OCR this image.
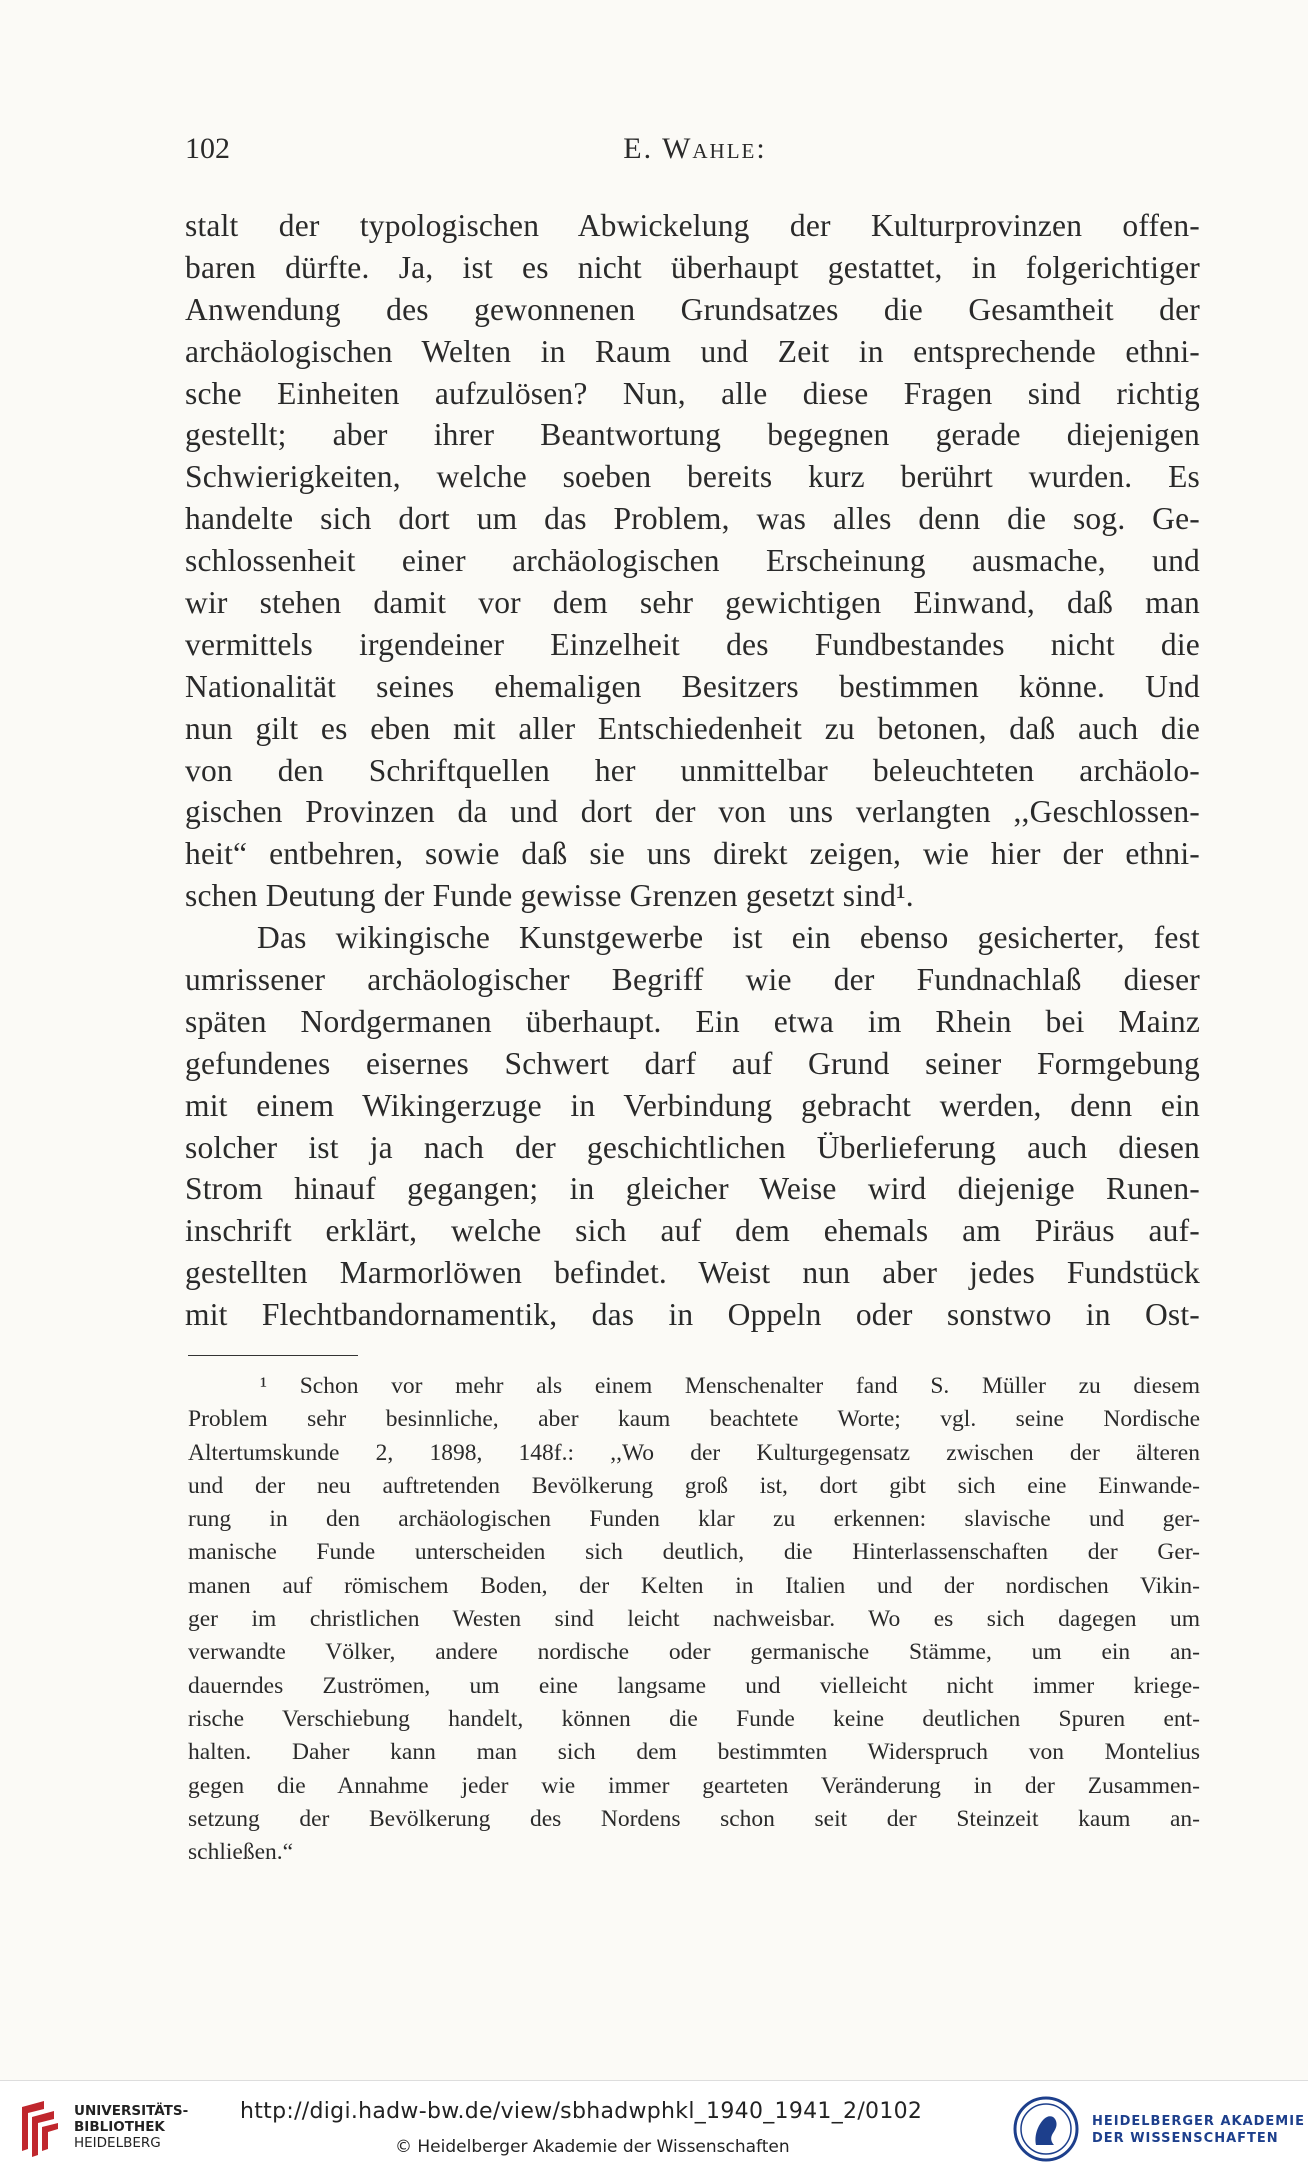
102	E. Wahle:
stalt der typologischen Abwickelung der Kulturprovinzen offen-
baren dürfte. Ja, ist es nicht überhaupt gestattet, in folgerichtiger
Anwendung des gewonnenen Grundsatzes die Gesamtheit der
archäologischen Welten in Raum und Zeit in entsprechende ethni-
sche Einheiten aufzulösen? Nun, alle diese Fragen sind richtig
gestellt; aber ihrer Beantwortung begegnen gerade diejenigen
Schwierigkeiten, welche soeben bereits kurz berührt wurden. Es
handelte sich dort um das Problem, was alles denn die sog. Ge-
schlossenheit einer archäologischen Erscheinung ausmache, und
wir stehen damit vor dem sehr gewichtigen Einwand, daß man
vermittels irgendeiner Einzelheit des Fundbestandes nicht die
Nationalität seines ehemaligen Besitzers bestimmen könne. Und
nun gilt es eben mit aller Entschiedenheit zu betonen, daß auch die
von den Schriftquellen her unmittelbar beleuchteten archäolo-
gischen Provinzen da und dort der von uns verlangten ,,Geschlossen-
heit“ entbehren, sowie daß sie uns direkt zeigen, wie hier der ethni-
schen Deutung der Funde gewisse Grenzen gesetzt sind¹.
Das wikingische Kunstgewerbe ist ein ebenso gesicherter, fest
umrissener archäologischer Begriff wie der Fundnachlaß dieser
späten Nordgermanen überhaupt. Ein etwa im Rhein bei Mainz
gefundenes eisernes Schwert darf auf Grund seiner Formgebung
mit einem Wikingerzuge in Verbindung gebracht werden, denn ein
solcher ist ja nach der geschichtlichen Überlieferung auch diesen
Strom hinauf gegangen; in gleicher Weise wird diejenige Runen-
inschrift erklärt, welche sich auf dem ehemals am Piräus auf-
gestellten Marmorlöwen befindet. Weist nun aber jedes Fundstück
mit Flechtbandornamentik, das in Oppeln oder sonstwo in Ost-
¹ Schon vor mehr als einem Menschenalter fand S. Müller zu diesem
Problem sehr besinnliche, aber kaum beachtete Worte; vgl. seine Nordische
Altertumskunde 2, 1898, 148f.: ,,Wo der Kulturgegensatz zwischen der älteren
und der neu auftretenden Bevölkerung groß ist, dort gibt sich eine Einwande-
rung in den archäologischen Funden klar zu erkennen: slavische und ger-
manische Funde unterscheiden sich deutlich, die Hinterlassenschaften der Ger-
manen auf römischem Boden, der Kelten in Italien und der nordischen Vikin-
ger im christlichen Westen sind leicht nachweisbar. Wo es sich dagegen um
verwandte Völker, andere nordische oder germanische Stämme, um ein an-
dauerndes Zuströmen, um eine langsame und vielleicht nicht immer kriege-
rische Verschiebung handelt, können die Funde keine deutlichen Spuren ent-
halten. Daher kann man sich dem bestimmten Widerspruch von Montelius
gegen die Annahme jeder wie immer gearteten Veränderung in der Zusammen-
setzung der Bevölkerung des Nordens schon seit der Steinzeit kaum an-
schließen.“
UNIVERSITÄTS-
BIBLIOTHEK
HEIDELBERG
http://digi.hadw-bw.de/view/sbhadwphkl_1940_1941_2/0102
© Heidelberger Akademie der Wissenschaften
HEIDELBERGER AKADEMIE
DER WISSENSCHAFTEN
